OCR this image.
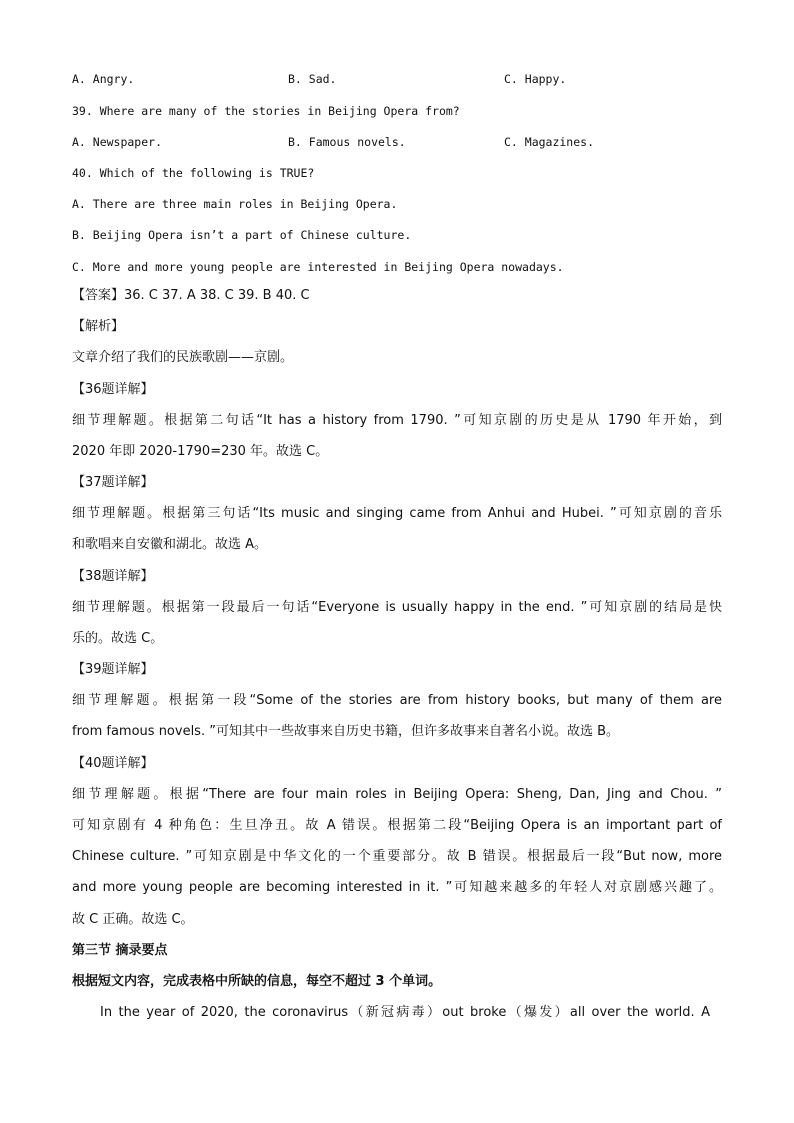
A. Angry.	B. Sad.	C. Happy.
39. Where are many of the stories in Beijing Opera from?
A. Newspaper.	B. Famous novels.	C. Magazines.
40. Which of the following is TRUE?
A. There are three main roles in Beijing Opera.
B. Beijing Opera isn’t a part of Chinese culture.
C. More and more young people are interested in Beijing Opera nowadays.
【答案】36. C 37. A 38. C 39. B 40. C
【解析】
文章介绍了我们的民族歌剧——京剧。
【36题详解】
细节理解题。根据第二句话“It has a history from 1790. ”可知京剧的历史是从 1790 年开始，到
2020 年即 2020-1790=230 年。故选 C。
【37题详解】
细节理解题。根据第三句话“Its music and singing came from Anhui and Hubei. ”可知京剧的音乐
和歌唱来自安徽和湖北。故选 A。
【38题详解】
细节理解题。根据第一段最后一句话“Everyone is usually happy in the end. ”可知京剧的结局是快
乐的。故选 C。
【39题详解】
细节理解题。根据第一段“Some of the stories are from history books, but many of them are
from famous novels. ”可知其中一些故事来自历史书籍，但许多故事来自著名小说。故选 B。
【40题详解】
细节理解题。根据“There are four main roles in Beijing Opera: Sheng, Dan, Jing and Chou. ”
可知京剧有 4 种角色：生旦净丑。故 A 错误。根据第二段“Beijing Opera is an important part of
Chinese culture. ”可知京剧是中华文化的一个重要部分。故 B 错误。根据最后一段“But now, more
and more young people are becoming interested in it. ”可知越来越多的年轻人对京剧感兴趣了。
故 C 正确。故选 C。
第三节 摘录要点
根据短文内容，完成表格中所缺的信息，每空不超过 3 个单词。
In the year of 2020, the coronavirus（新冠病毒）out broke（爆发）all over the world. A
